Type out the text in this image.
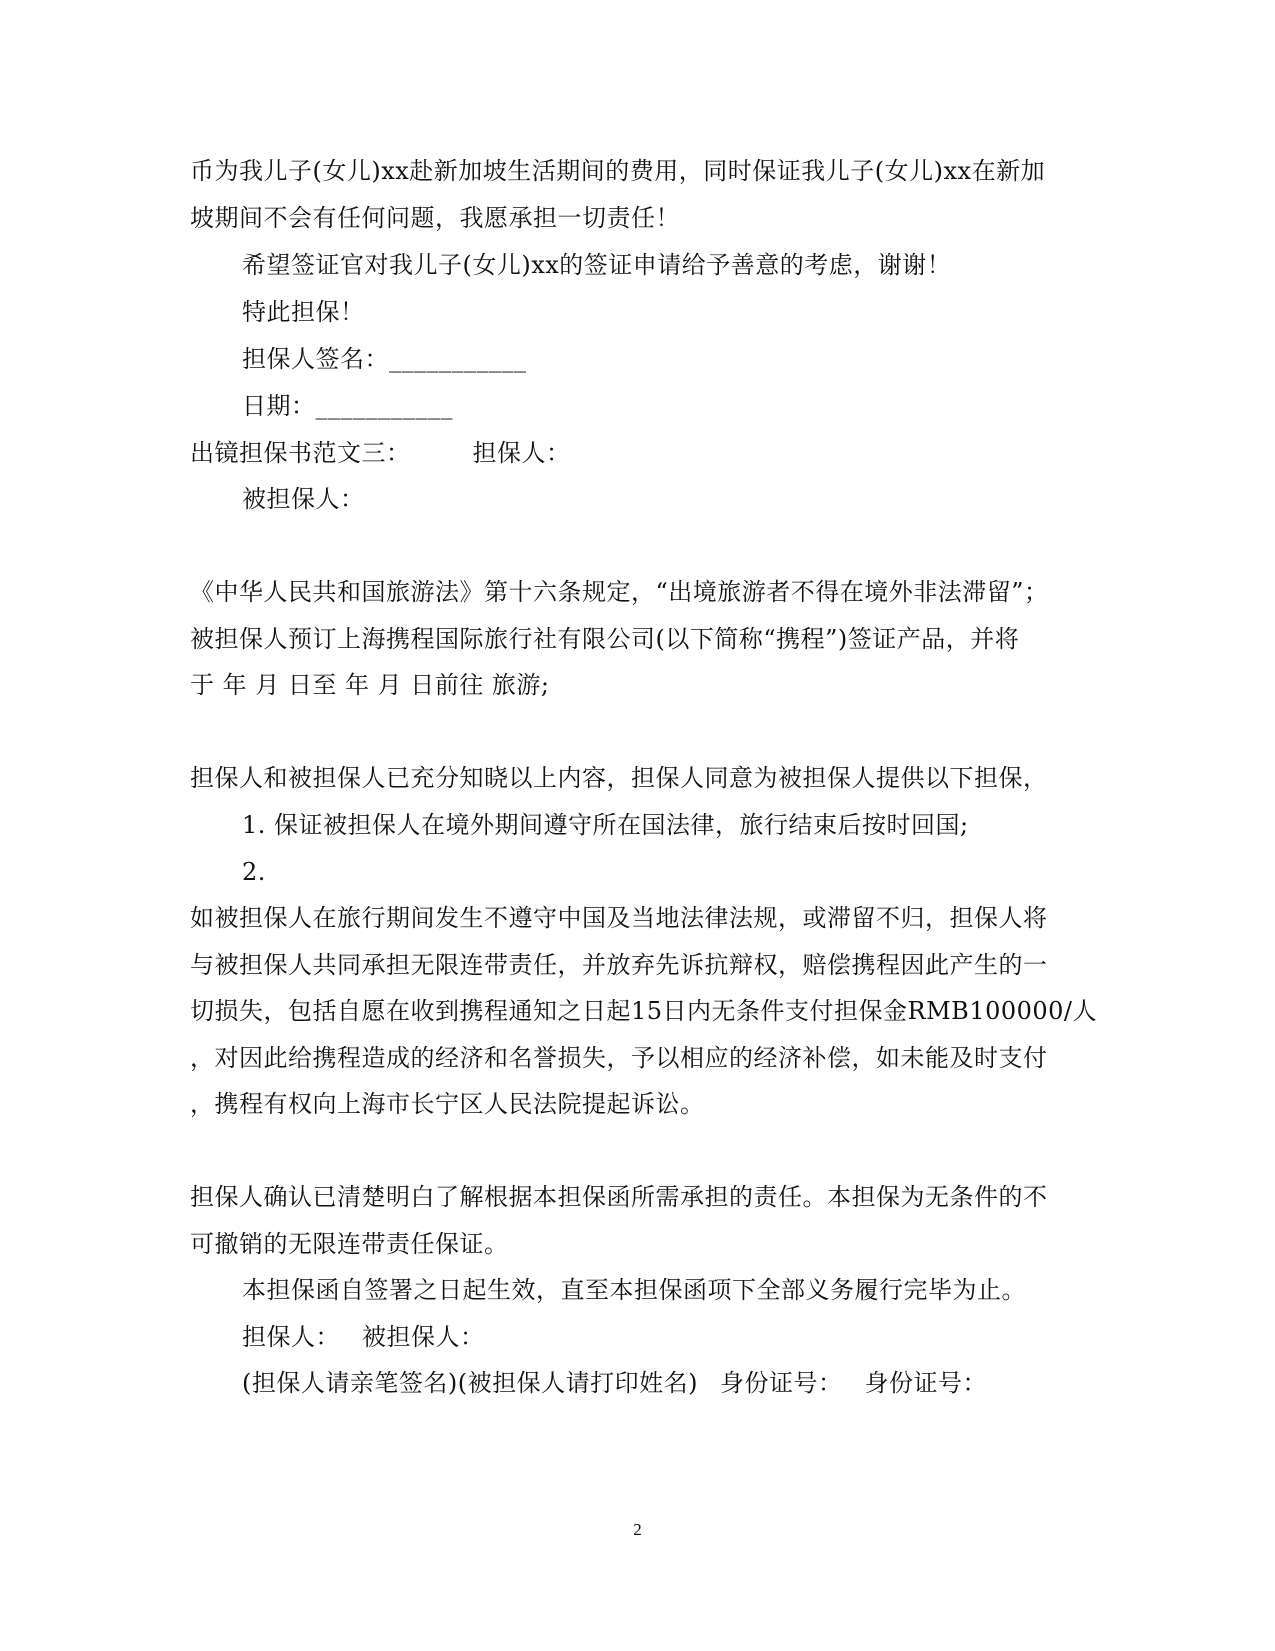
币为我儿子(女儿)xx赴新加坡生活期间的费用，同时保证我儿子(女儿)xx在新加
坡期间不会有任何问题，我愿承担一切责任！
希望签证官对我儿子(女儿)xx的签证申请给予善意的考虑，谢谢！
特此担保！
担保人签名：___________
日期：___________
出镜担保书范文三：	担保人：
被担保人：
《中华人民共和国旅游法》第十六条规定，“出境旅游者不得在境外非法滞留”；
被担保人预订上海携程国际旅行社有限公司(以下简称“携程”)签证产品，并将
于 年 月 日至 年 月 日前往 旅游;
担保人和被担保人已充分知晓以上内容，担保人同意为被担保人提供以下担保，
1. 保证被担保人在境外期间遵守所在国法律，旅行结束后按时回国;
2.
如被担保人在旅行期间发生不遵守中国及当地法律法规，或滞留不归，担保人将
与被担保人共同承担无限连带责任，并放弃先诉抗辩权，赔偿携程因此产生的一
切损失，包括自愿在收到携程通知之日起15日内无条件支付担保金RMB100000/人
，对因此给携程造成的经济和名誉损失，予以相应的经济补偿，如未能及时支付
，携程有权向上海市长宁区人民法院提起诉讼。
担保人确认已清楚明白了解根据本担保函所需承担的责任。本担保为无条件的不
可撤销的无限连带责任保证。
本担保函自签署之日起生效，直至本担保函项下全部义务履行完毕为止。
担保人： 被担保人：
(担保人请亲笔签名)(被担保人请打印姓名) 身份证号： 身份证号：
2
